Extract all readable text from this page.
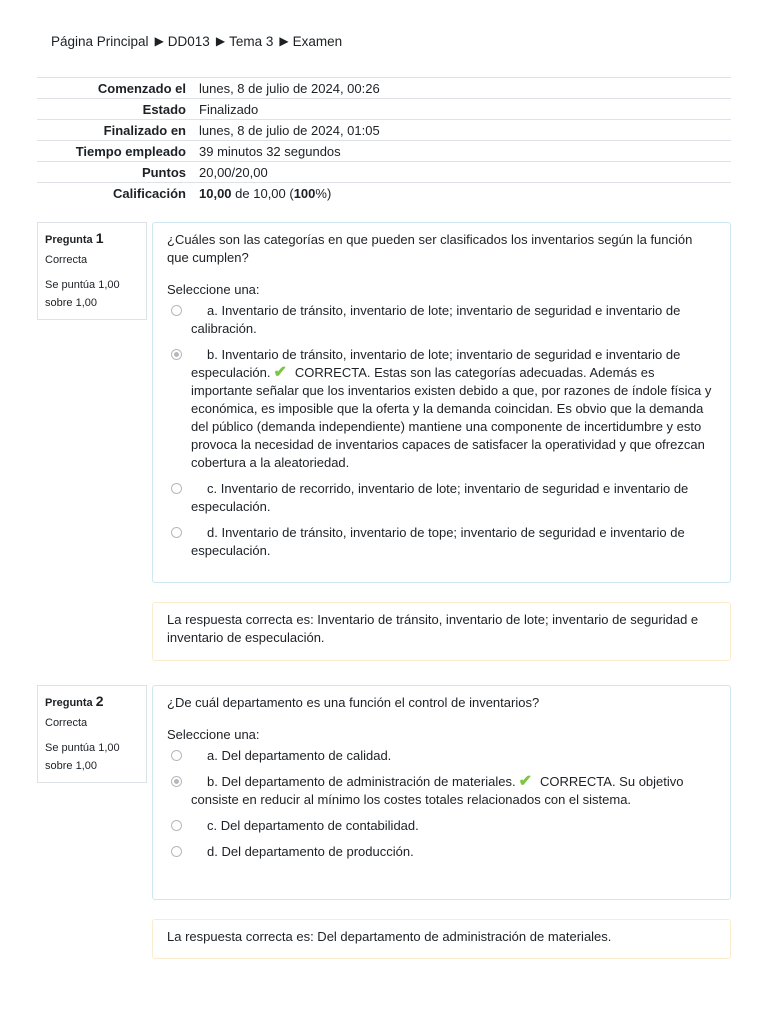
Página Principal ▶ DD013 ▶ Tema 3 ▶ Examen
Comenzado el	lunes, 8 de julio de 2024, 00:26
Estado	Finalizado
Finalizado en	lunes, 8 de julio de 2024, 01:05
Tiempo empleado	39 minutos 32 segundos
Puntos	20,00/20,00
Calificación	10,00 de 10,00 (100%)
Pregunta 1
Correcta
Se puntúa 1,00 sobre 1,00
¿Cuáles son las categorías en que pueden ser clasificados los inventarios según la función que cumplen?
Seleccione una:
a. Inventario de tránsito, inventario de lote; inventario de seguridad e inventario de calibración.
b. Inventario de tránsito, inventario de lote; inventario de seguridad e inventario de especulación. ✔ CORRECTA. Estas son las categorías adecuadas. Además es importante señalar que los inventarios existen debido a que, por razones de índole física y económica, es imposible que la oferta y la demanda coincidan. Es obvio que la demanda del público (demanda independiente) mantiene una componente de incertidumbre y esto provoca la necesidad de inventarios capaces de satisfacer la operatividad y que ofrezcan cobertura a la aleatoriedad.
c. Inventario de recorrido, inventario de lote; inventario de seguridad e inventario de especulación.
d. Inventario de tránsito, inventario de tope; inventario de seguridad e inventario de especulación.
La respuesta correcta es: Inventario de tránsito, inventario de lote; inventario de seguridad e inventario de especulación.
Pregunta 2
Correcta
Se puntúa 1,00 sobre 1,00
¿De cuál departamento es una función el control de inventarios?
Seleccione una:
a. Del departamento de calidad.
b. Del departamento de administración de materiales. ✔ CORRECTA. Su objetivo consiste en reducir al mínimo los costes totales relacionados con el sistema.
c. Del departamento de contabilidad.
d. Del departamento de producción.
La respuesta correcta es: Del departamento de administración de materiales.
